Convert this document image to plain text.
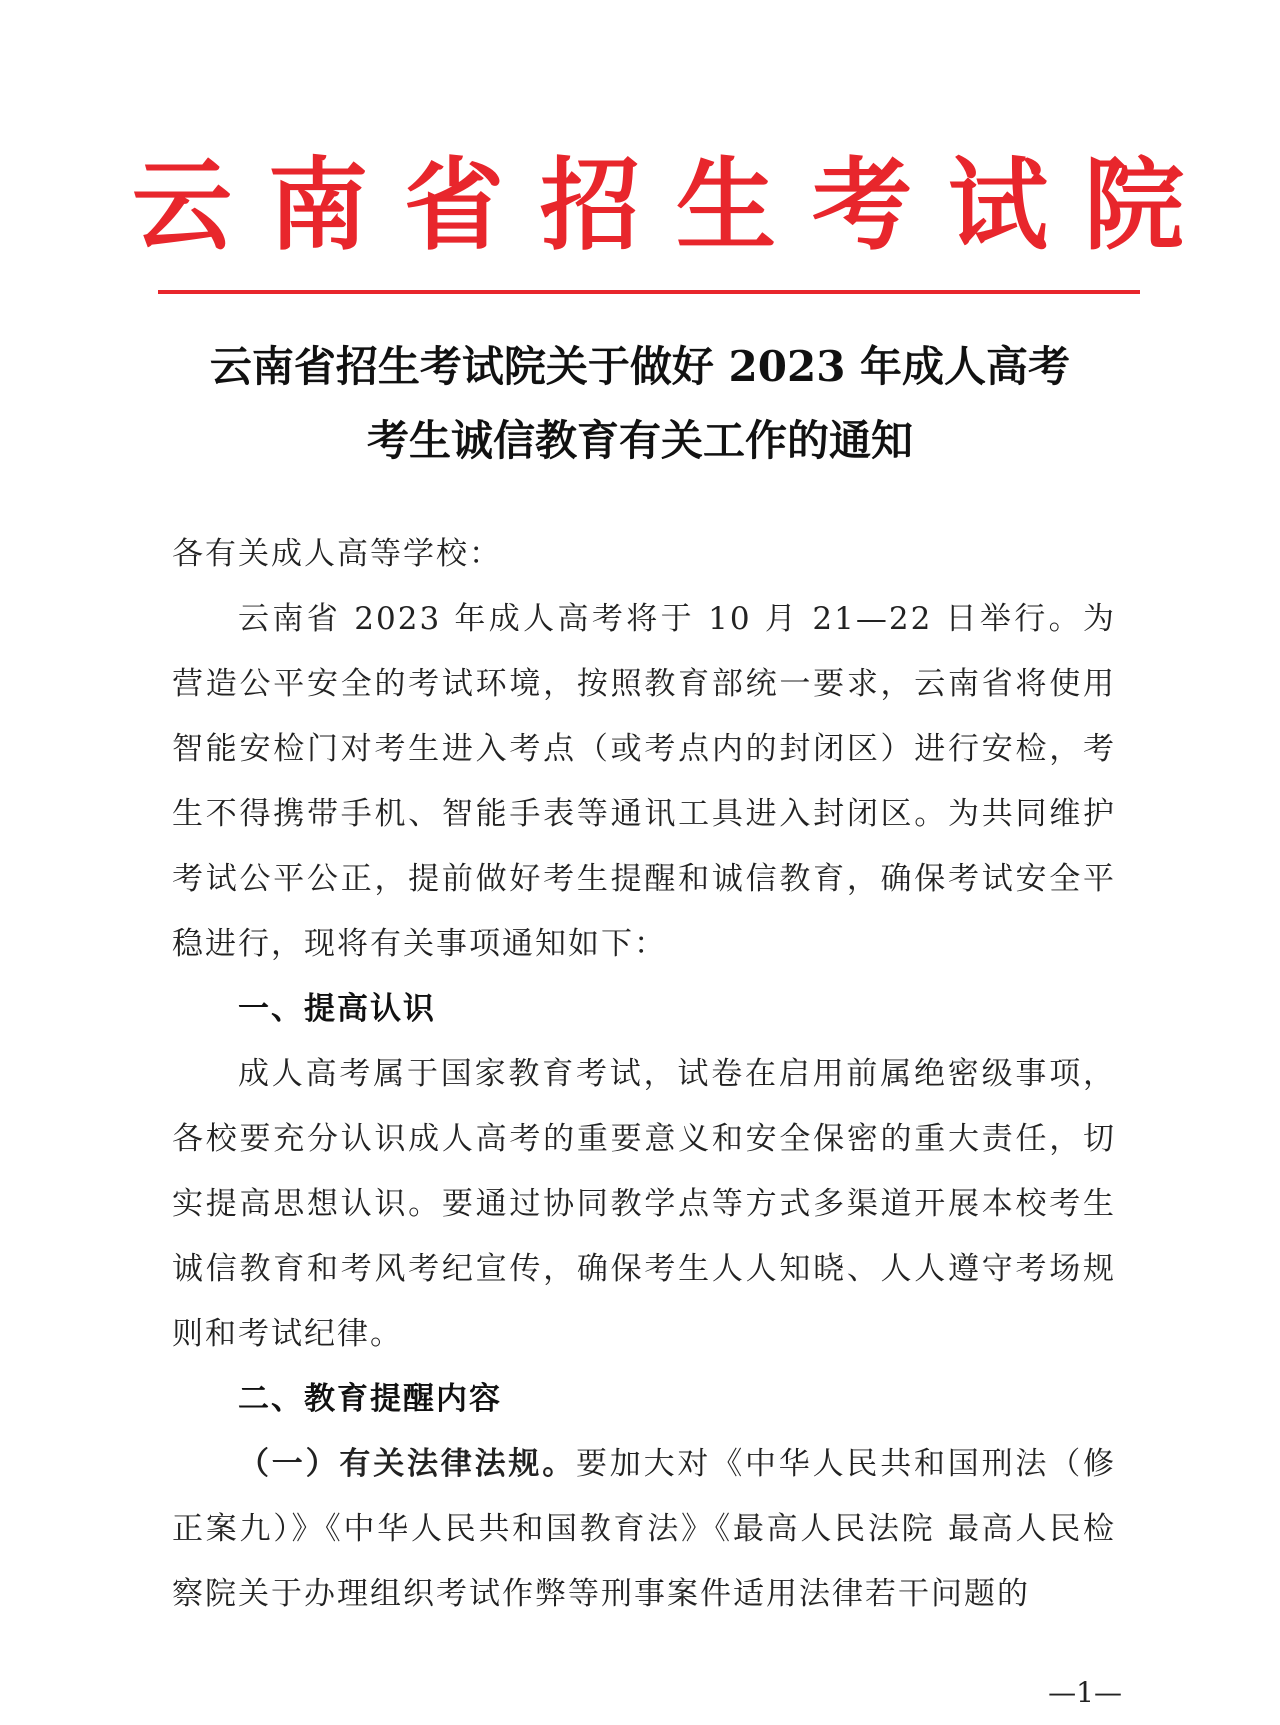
云南省招生考试院
云南省招生考试院关于做好 2023 年成人高考
考生诚信教育有关工作的通知

各有关成人高等学校：

云南省 2023 年成人高考将于 10 月 21—22 日举行。为营造公平安全的考试环境，按照教育部统一要求，云南省将使用智能安检门对考生进入考点（或考点内的封闭区）进行安检，考生不得携带手机、智能手表等通讯工具进入封闭区。为共同维护考试公平公正，提前做好考生提醒和诚信教育，确保考试安全平稳进行，现将有关事项通知如下：

一、提高认识

成人高考属于国家教育考试，试卷在启用前属绝密级事项，各校要充分认识成人高考的重要意义和安全保密的重大责任，切实提高思想认识。要通过协同教学点等方式多渠道开展本校考生诚信教育和考风考纪宣传，确保考生人人知晓、人人遵守考场规则和考试纪律。

二、教育提醒内容

（一）有关法律法规。要加大对《中华人民共和国刑法（修正案九）》《中华人民共和国教育法》《最高人民法院 最高人民检察院关于办理组织考试作弊等刑事案件适用法律若干问题的

—1—
